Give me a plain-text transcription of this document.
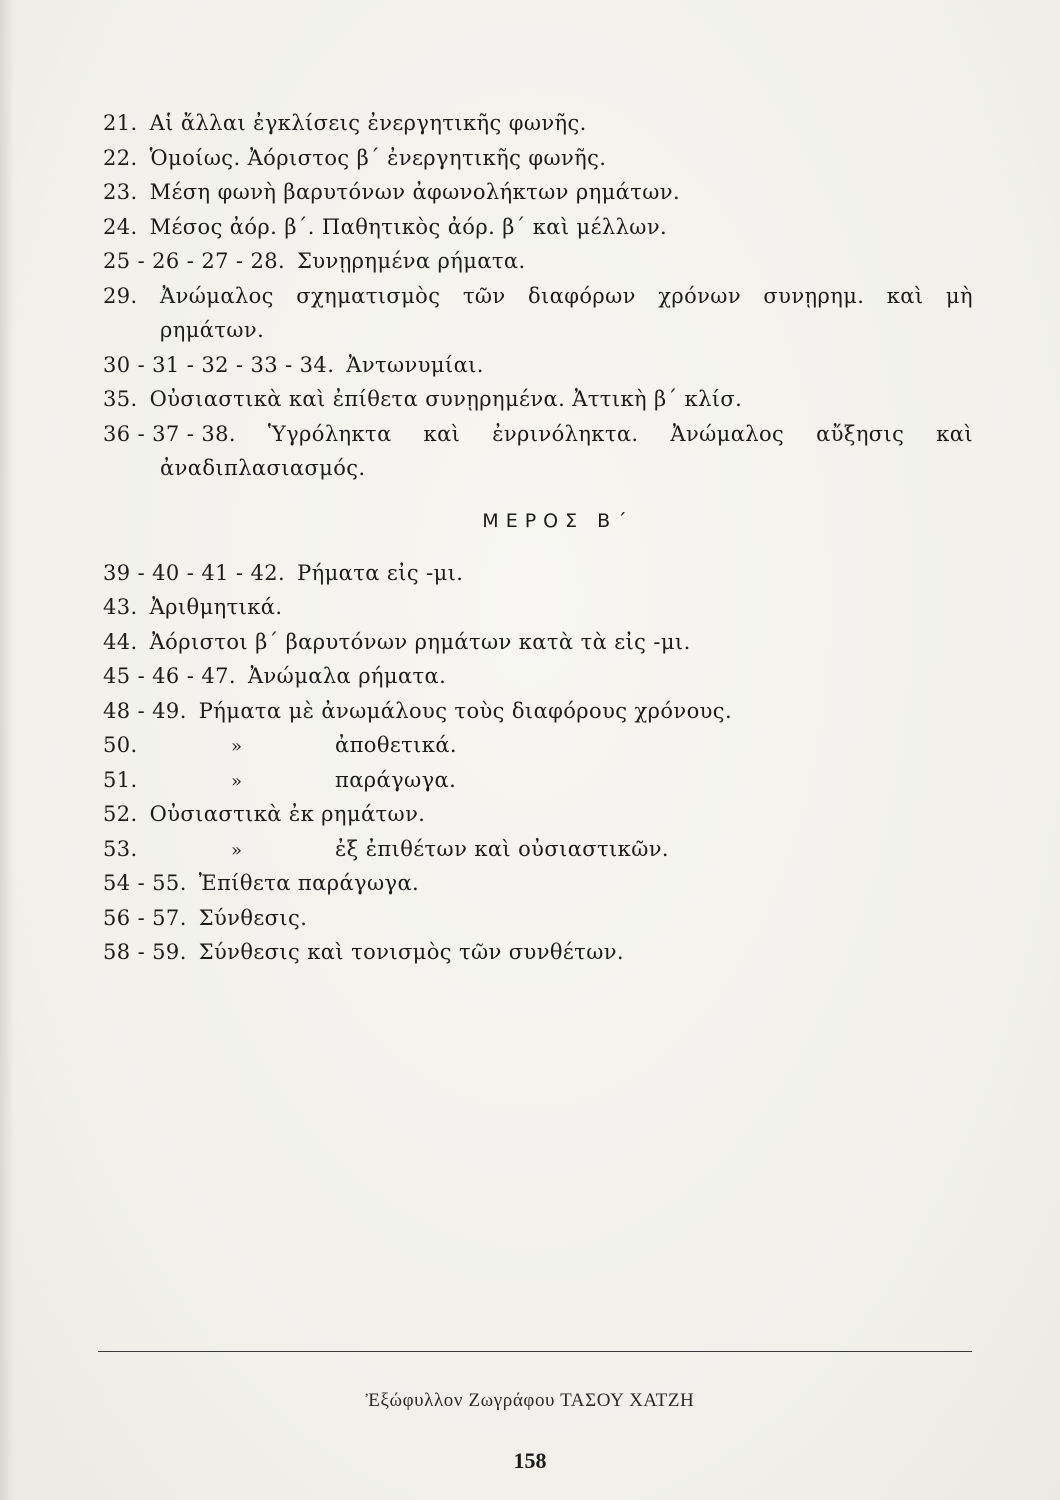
21. Αἱ ἄλλαι ἐγκλίσεις ἐνεργητικῆς φωνῆς.
22. Ὁμοίως. Ἀόριστος β΄ ἐνεργητικῆς φωνῆς.
23. Μέση φωνὴ βαρυτόνων ἀφωνολήκτων ρημάτων.
24. Μέσος ἀόρ. β΄. Παθητικὸς ἀόρ. β΄ καὶ μέλλων.
25 - 26 - 27 - 28. Συνῃρημένα ρήματα.
29. Ἀνώμαλος σχηματισμὸς τῶν διαφόρων χρόνων συνῃρημ. καὶ μὴ
ρημάτων.
30 - 31 - 32 - 33 - 34. Ἀντωνυμίαι.
35. Οὐσιαστικὰ καὶ ἐπίθετα συνῃρημένα. Ἀττικὴ β΄ κλίσ.
36 - 37 - 38. Ὑγρόληκτα καὶ ἐνρινόληκτα. Ἀνώμαλος αὔξησις καὶ
ἀναδιπλασιασμός.
ΜΕΡΟΣ Β΄
39 - 40 - 41 - 42. Ρήματα εἰς -μι.
43. Ἀριθμητικά.
44. Ἀόριστοι β΄ βαρυτόνων ρημάτων κατὰ τὰ εἰς -μι.
45 - 46 - 47. Ἀνώμαλα ρήματα.
48 - 49. Ρήματα μὲ ἀνωμάλους τοὺς διαφόρους χρόνους.
50.	»	ἀποθετικά.
51.	»	παράγωγα.
52. Οὐσιαστικὰ ἐκ ρημάτων.
53.	»	ἐξ ἐπιθέτων καὶ οὐσιαστικῶν.
54 - 55. Ἐπίθετα παράγωγα.
56 - 57. Σύνθεσις.
58 - 59. Σύνθεσις καὶ τονισμὸς τῶν συνθέτων.
Ἐξώφυλλον Ζωγράφου ΤΑΣΟΥ ΧΑΤΖΗ
158
